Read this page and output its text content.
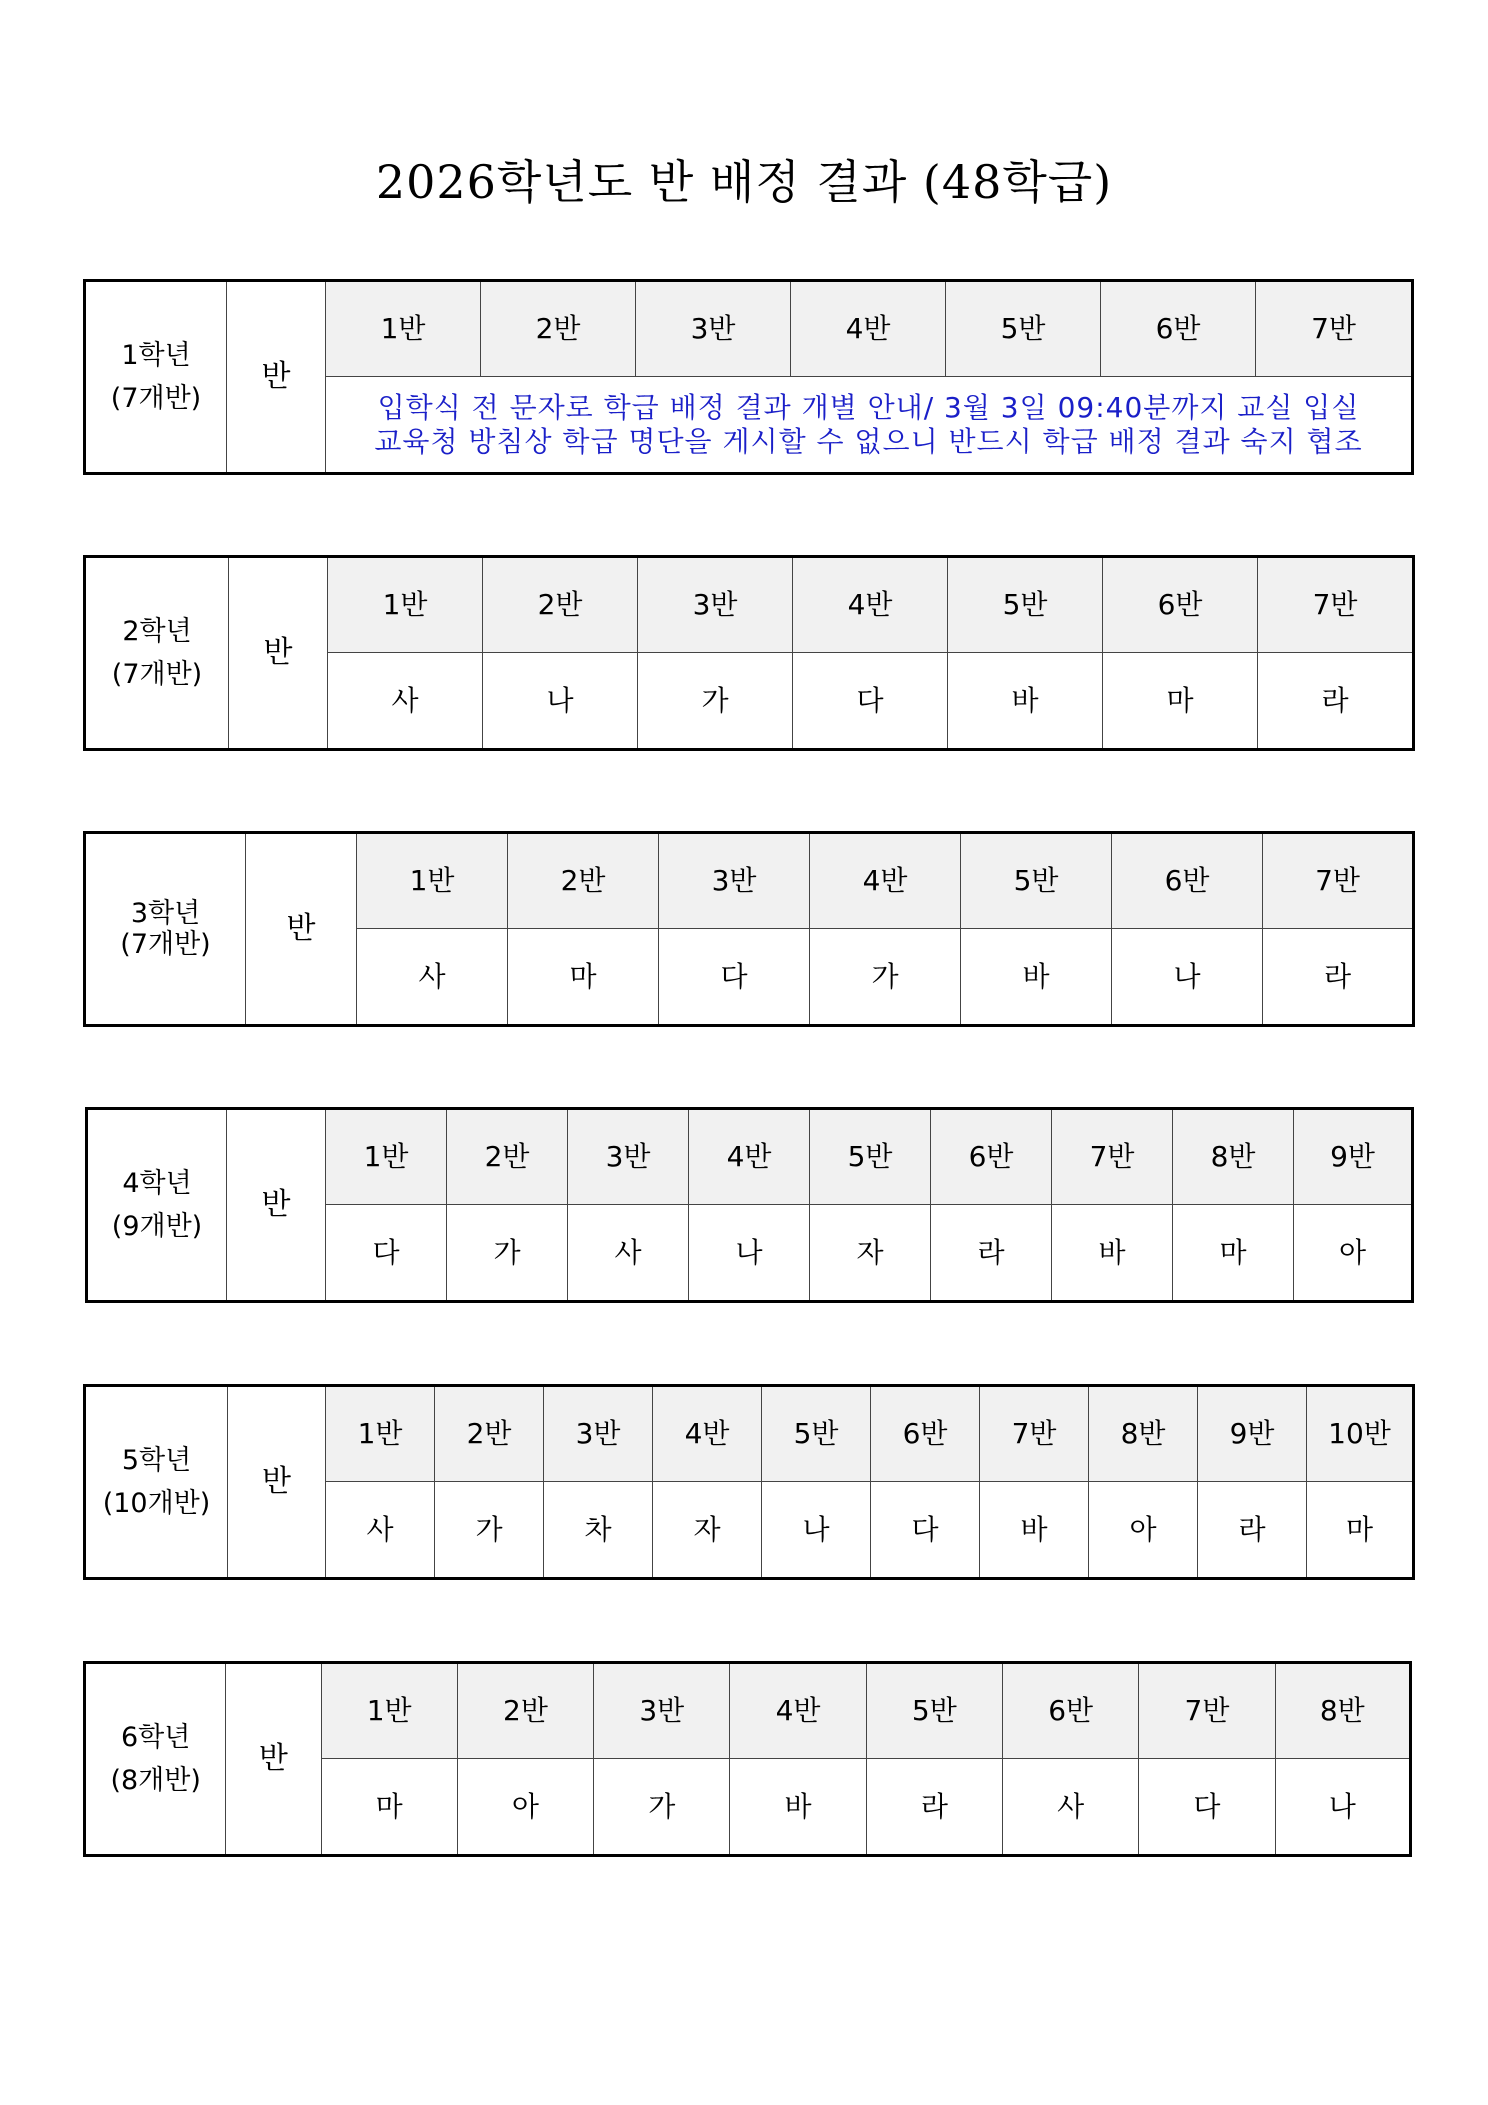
2026학년도 반 배정 결과 (48학급)
1학년
(7개반)
	반	1반	2반	3반	4반	5반	6반	7반

입학식 전 문자로 학급 배정 결과 개별 안내/ 3월 3일 09:40분까지 교실 입실
교육청 방침상 학급 명단을 게시할 수 없으니 반드시 학급 배정 결과 숙지 협조
2학년
(7개반)	반	1반	2반	3반	4반	5반	6반	7반
		사	나	가	다	바	마	라
3학년
(7개반)	반	1반	2반	3반	4반	5반	6반	7반
		사	마	다	가	바	나	라
4학년
(9개반)	반	1반	2반	3반	4반	5반	6반	7반	8반	9반
		다	가	사	나	자	라	바	마	아
5학년
(10개반)	반	1반	2반	3반	4반	5반	6반	7반	8반	9반	10반
		사	가	차	자	나	다	바	아	라	마
6학년
(8개반)	반	1반	2반	3반	4반	5반	6반	7반	8반
		마	아	가	바	라	사	다	나
